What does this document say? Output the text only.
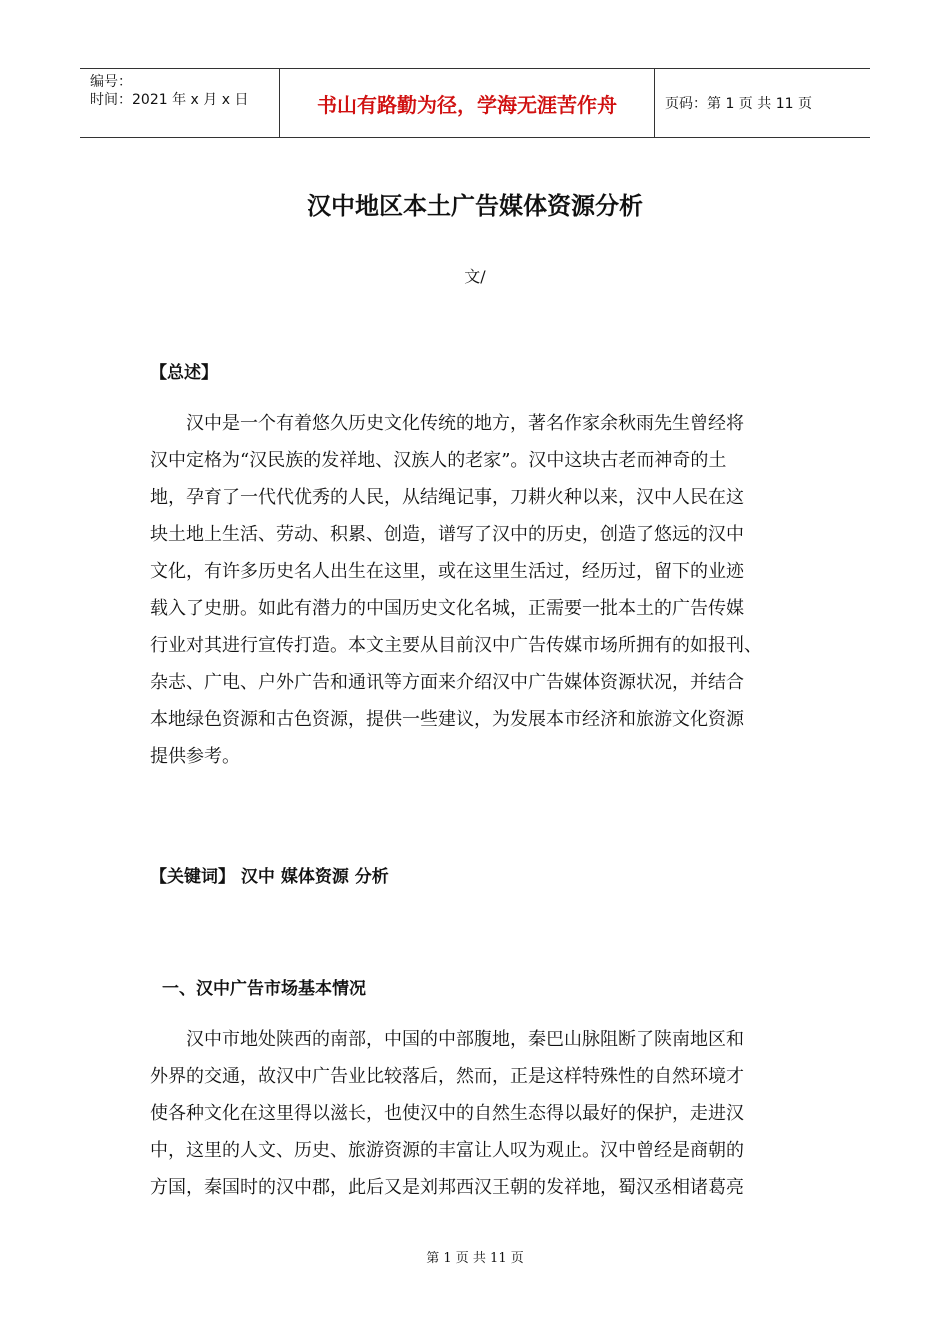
编号：
时间：2021 年 x 月 x 日	书山有路勤为径，学海无涯苦作舟	页码：第 1 页 共 11 页
汉中地区本土广告媒体资源分析
文/
【总述】

汉中是一个有着悠久历史文化传统的地方，著名作家余秋雨先生曾经将

汉中定格为“汉民族的发祥地、汉族人的老家”。汉中这块古老而神奇的土

地，孕育了一代代优秀的人民，从结绳记事，刀耕火种以来，汉中人民在这

块土地上生活、劳动、积累、创造，谱写了汉中的历史，创造了悠远的汉中

文化，有许多历史名人出生在这里，或在这里生活过，经历过，留下的业迹

载入了史册。如此有潜力的中国历史文化名城，正需要一批本土的广告传媒

行业对其进行宣传打造。本文主要从目前汉中广告传媒市场所拥有的如报刊、

杂志、广电、户外广告和通讯等方面来介绍汉中广告媒体资源状况，并结合

本地绿色资源和古色资源，提供一些建议，为发展本市经济和旅游文化资源

提供参考。

【关键词】 汉中 媒体资源 分析
一、汉中广告市场基本情况

汉中市地处陕西的南部，中国的中部腹地，秦巴山脉阻断了陕南地区和

外界的交通，故汉中广告业比较落后，然而，正是这样特殊性的自然环境才

使各种文化在这里得以滋长，也使汉中的自然生态得以最好的保护，走进汉

中，这里的人文、历史、旅游资源的丰富让人叹为观止。汉中曾经是商朝的

方国，秦国时的汉中郡，此后又是刘邦西汉王朝的发祥地，蜀汉丞相诸葛亮

第 1 页 共 11 页
